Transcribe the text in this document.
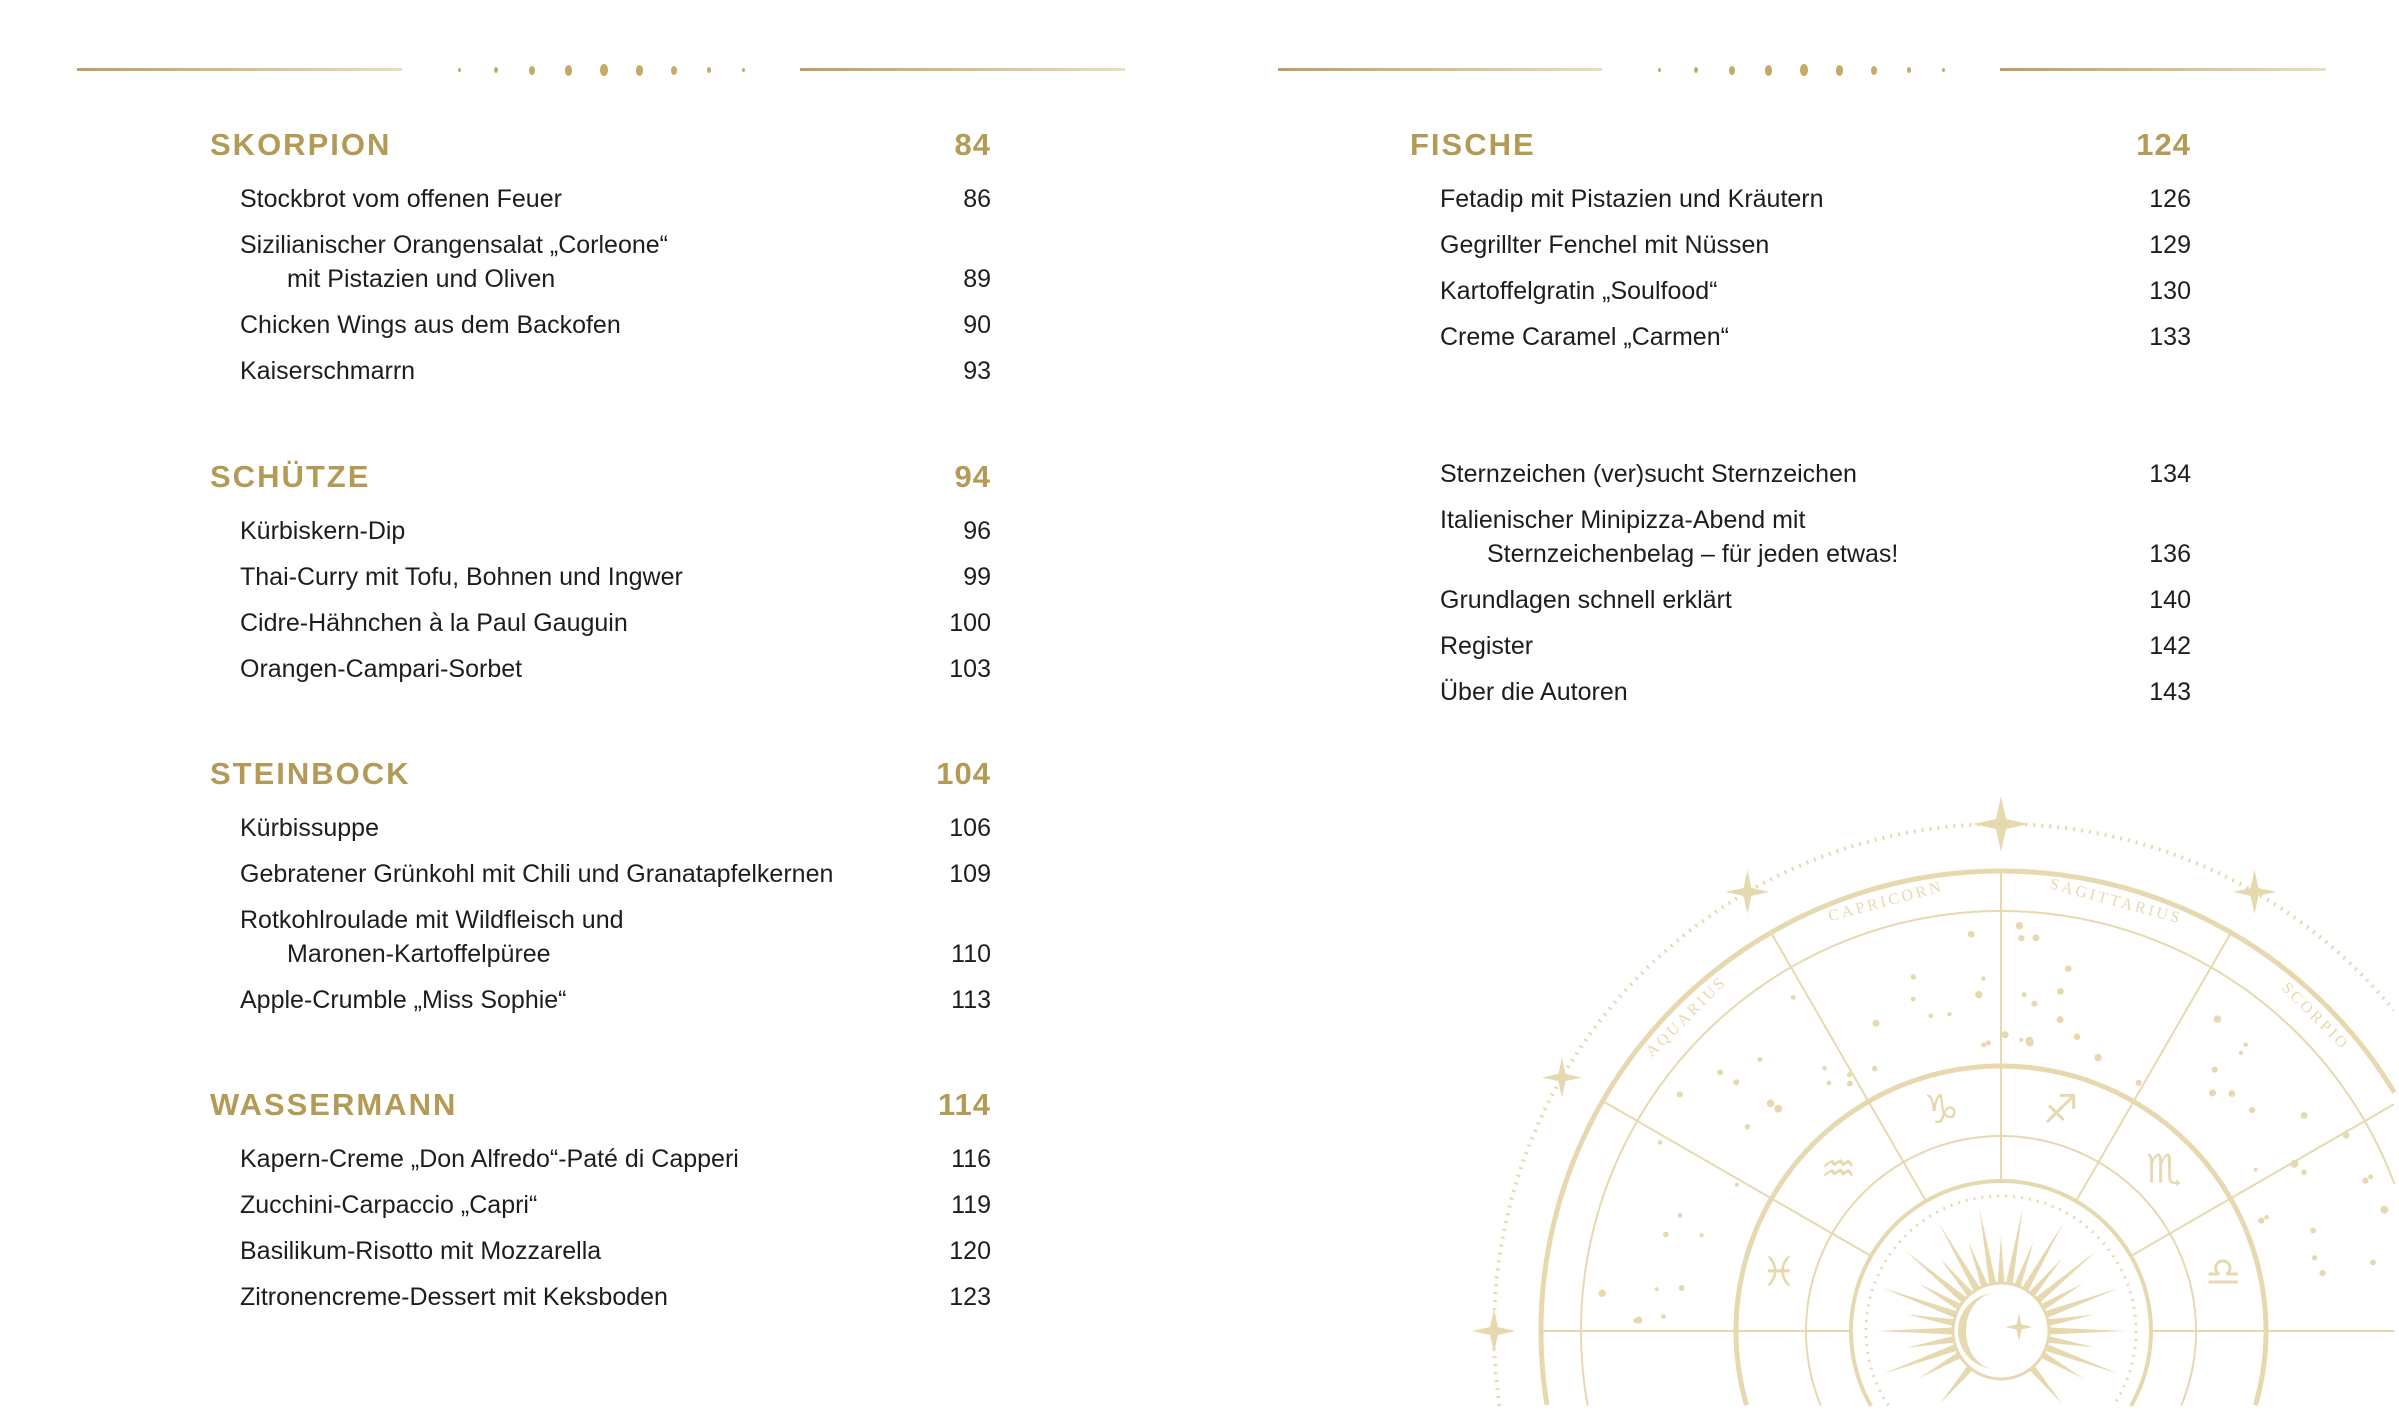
SKORPION	84
Stockbrot vom offenen Feuer	86
Sizilianischer Orangensalat „Corleone“
mit Pistazien und Oliven	89
Chicken Wings aus dem Backofen	90
Kaiserschmarrn	93
SCHÜTZE	94
Kürbiskern-Dip	96
Thai-Curry mit Tofu, Bohnen und Ingwer	99
Cidre-Hähnchen à la Paul Gauguin	100
Orangen-Campari-Sorbet	103
STEINBOCK	104
Kürbissuppe	106
Gebratener Grünkohl mit Chili und Granatapfelkernen	109
Rotkohlroulade mit Wildfleisch und
Maronen-Kartoffelpüree	110
Apple-Crumble „Miss Sophie“	113
WASSERMANN	114
Kapern-Creme „Don Alfredo“-Paté di Capperi	116
Zucchini-Carpaccio „Capri“	119
Basilikum-Risotto mit Mozzarella	120
Zitronencreme-Dessert mit Keksboden	123
FISCHE	124
Fetadip mit Pistazien und Kräutern	126
Gegrillter Fenchel mit Nüssen	129
Kartoffelgratin „Soulfood“	130
Creme Caramel „Carmen“	133
Sternzeichen (ver)sucht Sternzeichen	134
Italienischer Minipizza-Abend mit
Sternzeichenbelag – für jeden etwas!	136
Grundlagen schnell erklärt	140
Register	142
Über die Autoren	143
CAPRICORN	SAGITTARIUS
SCORPIO
AQUARIUS
♑ ♐
♏
♒
♓	♎
